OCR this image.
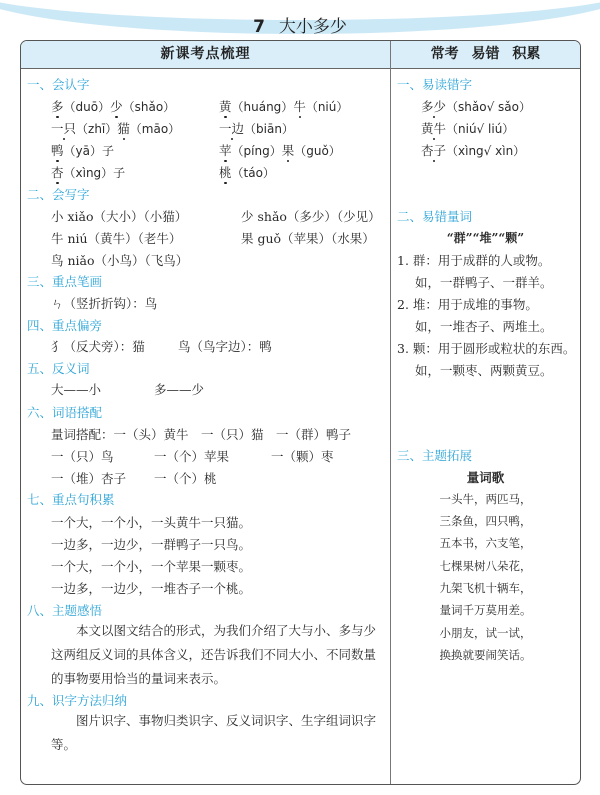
7 大小多少
新课考点梳理	常考 易错 积累
一、会认字
多（duō）少（shǎo）	黄（huáng）牛（niú）
一只（zhī）猫（māo）	一边（biān）
鸭（yā）子	苹（píng）果（guǒ）
杏（xìng）子	桃（táo）
二、会写字
小 xiǎo（大小）（小猫）	少 shǎo（多少）（少见）
牛 niú（黄牛）（老牛）	果 guǒ（苹果）（水果）
鸟 niǎo（小鸟）（飞鸟）
三、重点笔画
ㄣ（竖折折钩）：鸟
四、重点偏旁
犭（反犬旁）：猫	鸟（鸟字边）：鸭
五、反义词
大——小	多——少
六、词语搭配
量词搭配：一（头）黄牛　一（只）猫　一（群）鸭子
一（只）鸟	一（个）苹果	一（颗）枣
一（堆）杏子 一（个）桃
七、重点句积累
一个大，一个小，一头黄牛一只猫。
一边多，一边少，一群鸭子一只鸟。
一个大，一个小，一个苹果一颗枣。
一边多，一边少，一堆杏子一个桃。
八、主题感悟
本文以图文结合的形式，为我们介绍了大与小、多与少这两组反义词的具体含义，还告诉我们不同大小、不同数量的事物要用恰当的量词来表示。
九、识字方法归纳
图片识字、事物归类识字、反义词识字、生字组词识字等。
一、易读错字
多少（shǎo√ sǎo）
黄牛（niú√ liú）
杏子（xìng√ xìn）
二、易错量词
“群”“堆”“颗”
1. 群：用于成群的人或物。
如，一群鸭子、一群羊。
2. 堆：用于成堆的事物。
如，一堆杏子、两堆土。
3. 颗：用于圆形或粒状的东西。
如，一颗枣、两颗黄豆。
三、主题拓展
量词歌
一头牛，两匹马，
三条鱼，四只鸭，
五本书，六支笔，
七棵果树八朵花，
九架飞机十辆车，
量词千万莫用差。
小朋友，试一试，
换换就要闹笑话。
